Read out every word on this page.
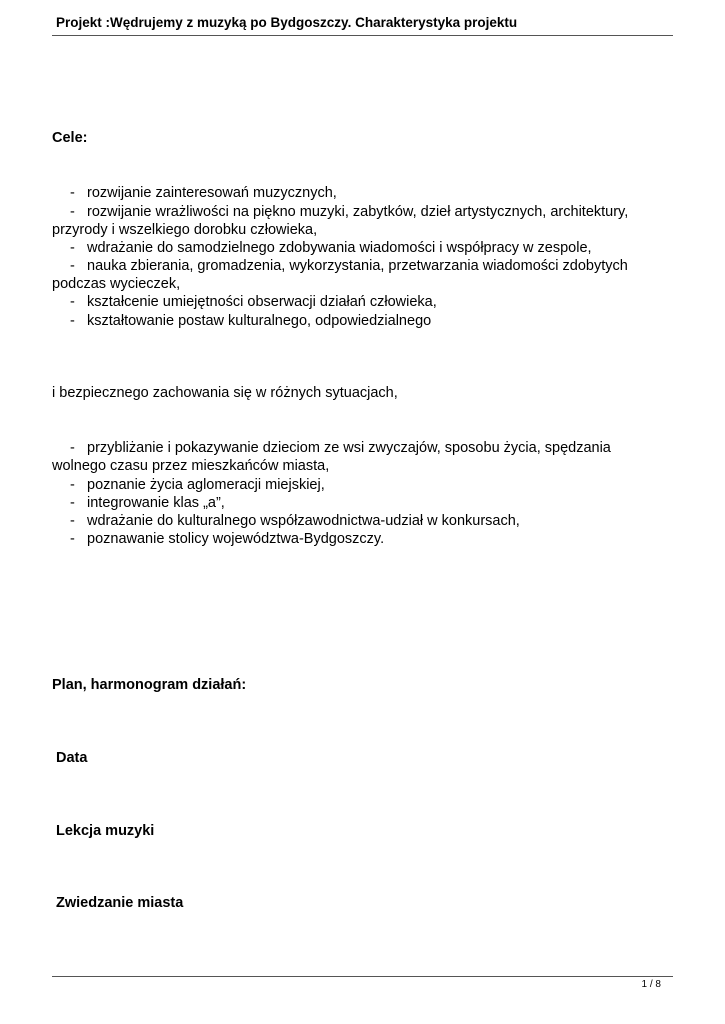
Projekt :Wędrujemy z muzyką po Bydgoszczy. Charakterystyka projektu
Cele:
- rozwijanie zainteresowań muzycznych,
- rozwijanie wrażliwości na piękno muzyki, zabytków, dzieł artystycznych, architektury,
przyrody i wszelkiego dorobku człowieka,
- wdrażanie do samodzielnego zdobywania wiadomości i współpracy w zespole,
- nauka zbierania, gromadzenia, wykorzystania, przetwarzania wiadomości zdobytych
podczas wycieczek,
- kształcenie umiejętności obserwacji działań człowieka,
- kształtowanie postaw kulturalnego, odpowiedzialnego
i bezpiecznego zachowania się w różnych sytuacjach,
- przybliżanie i pokazywanie dzieciom ze wsi zwyczajów, sposobu życia, spędzania
wolnego czasu przez mieszkańców miasta,
- poznanie życia aglomeracji miejskiej,
- integrowanie klas „a”,
- wdrażanie do kulturalnego współzawodnictwa-udział w konkursach,
- poznawanie stolicy województwa-Bydgoszczy.
Plan, harmonogram działań:
Data
Lekcja muzyki
Zwiedzanie miasta
1 / 8
